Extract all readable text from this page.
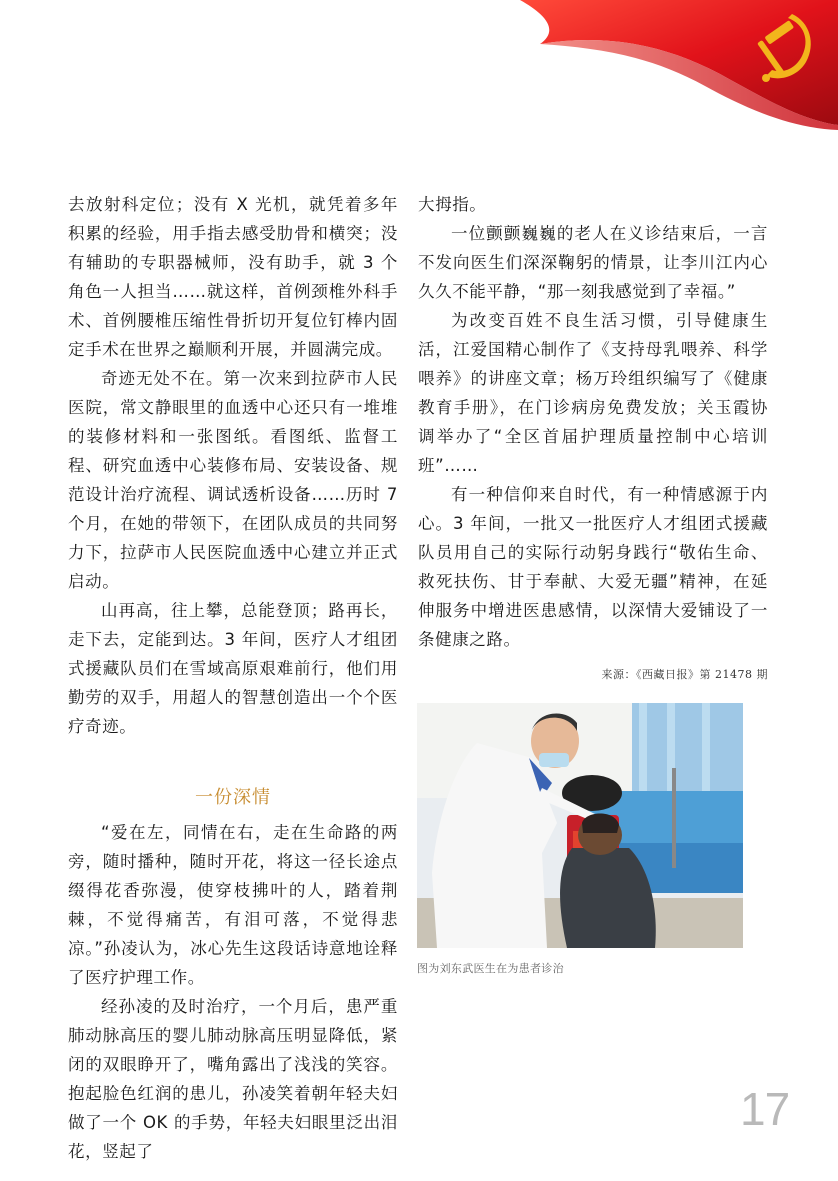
去放射科定位；没有 X 光机，就凭着多年积累的经验，用手指去感受肋骨和横突；没有辅助的专职器械师，没有助手，就 3 个角色一人担当……就这样，首例颈椎外科手术、首例腰椎压缩性骨折切开复位钉棒内固定手术在世界之巅顺利开展，并圆满完成。

奇迹无处不在。第一次来到拉萨市人民医院，常文静眼里的血透中心还只有一堆堆的装修材料和一张图纸。看图纸、监督工程、研究血透中心装修布局、安装设备、规范设计治疗流程、调试透析设备……历时 7 个月，在她的带领下，在团队成员的共同努力下，拉萨市人民医院血透中心建立并正式启动。

山再高，往上攀，总能登顶；路再长，走下去，定能到达。3 年间，医疗人才组团式援藏队员们在雪域高原艰难前行，他们用勤劳的双手，用超人的智慧创造出一个个医疗奇迹。

一份深情

“爱在左，同情在右，走在生命路的两旁，随时播种，随时开花，将这一径长途点缀得花香弥漫，使穿枝拂叶的人，踏着荆棘，不觉得痛苦，有泪可落，不觉得悲凉。”孙凌认为，冰心先生这段话诗意地诠释了医疗护理工作。

经孙凌的及时治疗，一个月后，患严重肺动脉高压的婴儿肺动脉高压明显降低，紧闭的双眼睁开了，嘴角露出了浅浅的笑容。抱起脸色红润的患儿，孙凌笑着朝年轻夫妇做了一个 OK 的手势，年轻夫妇眼里泛出泪花，竖起了

大拇指。

一位颤颤巍巍的老人在义诊结束后，一言不发向医生们深深鞠躬的情景，让李川江内心久久不能平静，“那一刻我感觉到了幸福。”

为改变百姓不良生活习惯，引导健康生活，江爱国精心制作了《支持母乳喂养、科学喂养》的讲座文章；杨万玲组织编写了《健康教育手册》，在门诊病房免费发放；关玉霞协调举办了“全区首届护理质量控制中心培训班”……

有一种信仰来自时代，有一种情感源于内心。3 年间，一批又一批医疗人才组团式援藏队员用自己的实际行动躬身践行“敬佑生命、救死扶伤、甘于奉献、大爱无疆”精神，在延伸服务中增进医患感情，以深情大爱铺设了一条健康之路。

来源：《西藏日报》第 21478 期
图为刘东武医生在为患者诊治
17
